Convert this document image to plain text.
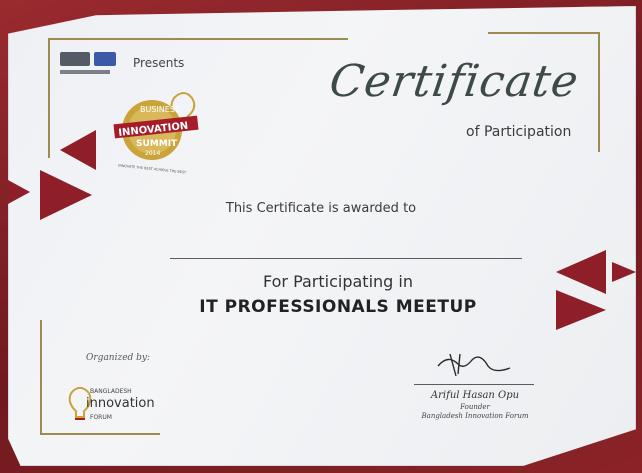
Presents
BUSINESS
INNOVATION
SUMMIT
2014
INNOVATE THE BEST ACHIEVE THE BEST
Certificate
of Participation
This Certificate is awarded to
For Participating in
IT PROFESSIONALS MEETUP
Organized by:
BANGLADESH
innovation
FORUM
Ariful Hasan Opu
Founder
Bangladesh Innovation Forum
